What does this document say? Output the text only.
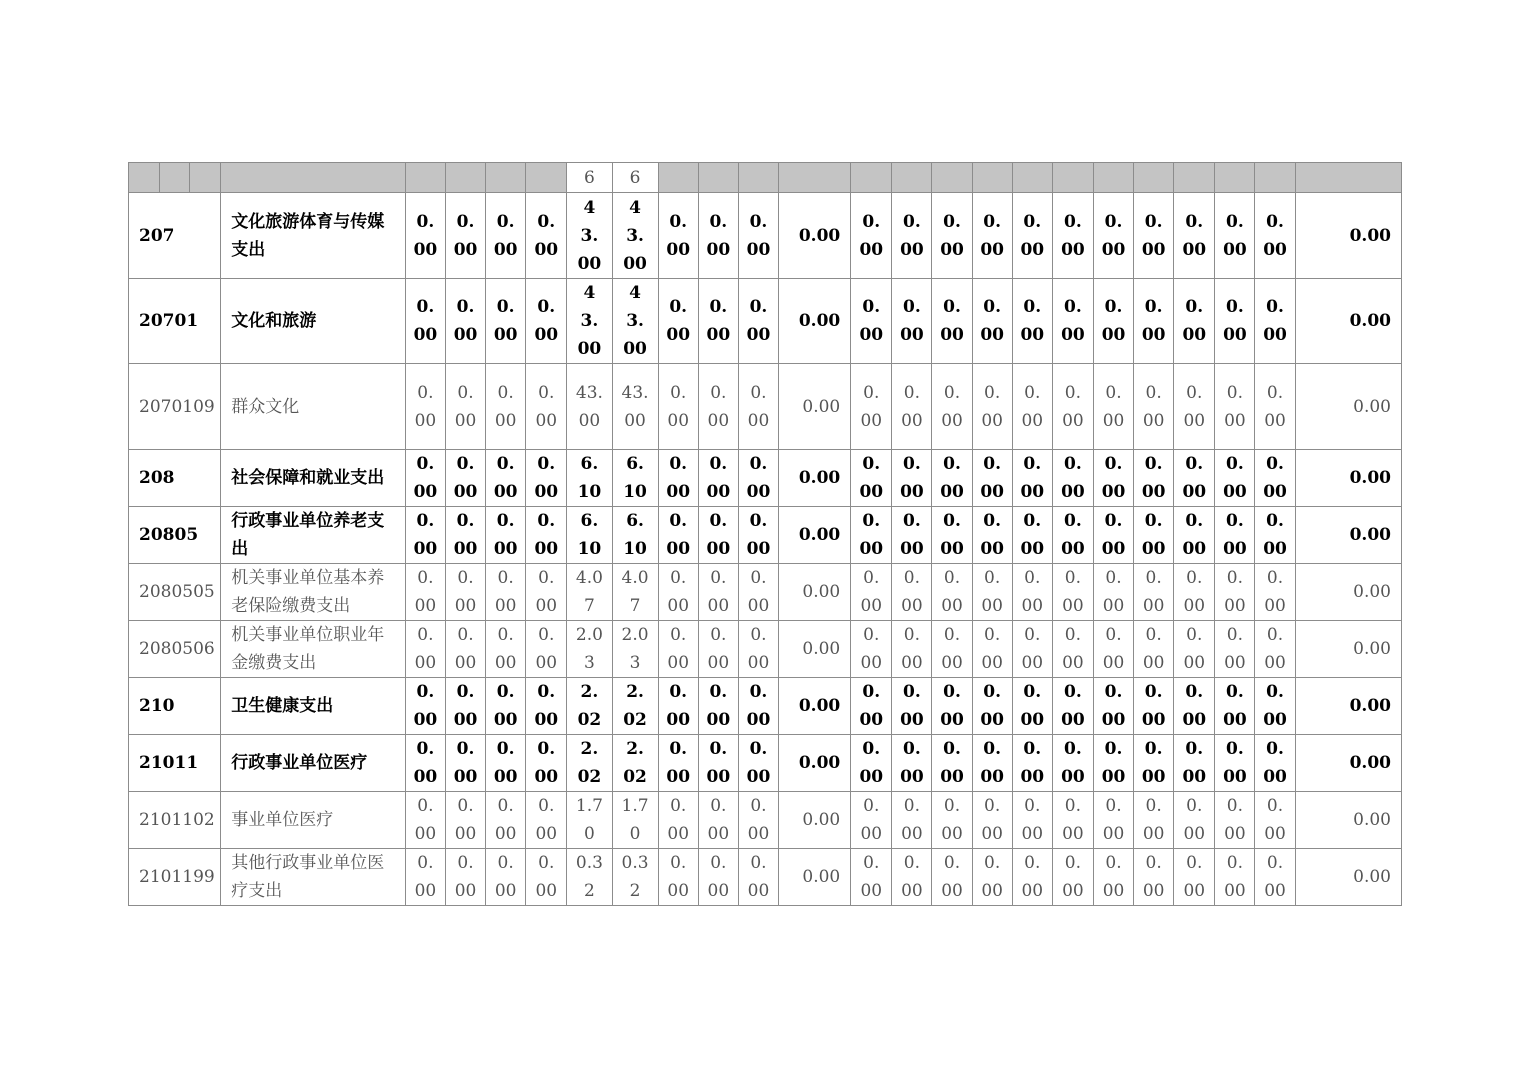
								6	6																
207			文化旅游体育与传媒支出	0.00	0.00	0.00	0.00	43.00	43.00	0.00	0.00	0.00	0.00	0.00	0.00	0.00	0.00	0.00	0.00	0.00	0.00	0.00	0.00	0.00	0.00
20701			文化和旅游	0.00	0.00	0.00	0.00	43.00	43.00	0.00	0.00	0.00	0.00	0.00	0.00	0.00	0.00	0.00	0.00	0.00	0.00	0.00	0.00	0.00	0.00
2070109			群众文化	0.00	0.00	0.00	0.00	43.00	43.00	0.00	0.00	0.00	0.00	0.00	0.00	0.00	0.00	0.00	0.00	0.00	0.00	0.00	0.00	0.00	0.00
208			社会保障和就业支出	0.00	0.00	0.00	0.00	6.10	6.10	0.00	0.00	0.00	0.00	0.00	0.00	0.00	0.00	0.00	0.00	0.00	0.00	0.00	0.00	0.00	0.00
20805			行政事业单位养老支出	0.00	0.00	0.00	0.00	6.10	6.10	0.00	0.00	0.00	0.00	0.00	0.00	0.00	0.00	0.00	0.00	0.00	0.00	0.00	0.00	0.00	0.00
2080505			机关事业单位基本养老保险缴费支出	0.00	0.00	0.00	0.00	4.07	4.07	0.00	0.00	0.00	0.00	0.00	0.00	0.00	0.00	0.00	0.00	0.00	0.00	0.00	0.00	0.00	0.00
2080506			机关事业单位职业年金缴费支出	0.00	0.00	0.00	0.00	2.03	2.03	0.00	0.00	0.00	0.00	0.00	0.00	0.00	0.00	0.00	0.00	0.00	0.00	0.00	0.00	0.00	0.00
210			卫生健康支出	0.00	0.00	0.00	0.00	2.02	2.02	0.00	0.00	0.00	0.00	0.00	0.00	0.00	0.00	0.00	0.00	0.00	0.00	0.00	0.00	0.00	0.00
21011			行政事业单位医疗	0.00	0.00	0.00	0.00	2.02	2.02	0.00	0.00	0.00	0.00	0.00	0.00	0.00	0.00	0.00	0.00	0.00	0.00	0.00	0.00	0.00	0.00
2101102			事业单位医疗	0.00	0.00	0.00	0.00	1.70	1.70	0.00	0.00	0.00	0.00	0.00	0.00	0.00	0.00	0.00	0.00	0.00	0.00	0.00	0.00	0.00	0.00
2101199			其他行政事业单位医疗支出	0.00	0.00	0.00	0.00	0.32	0.32	0.00	0.00	0.00	0.00	0.00	0.00	0.00	0.00	0.00	0.00	0.00	0.00	0.00	0.00	0.00	0.00
